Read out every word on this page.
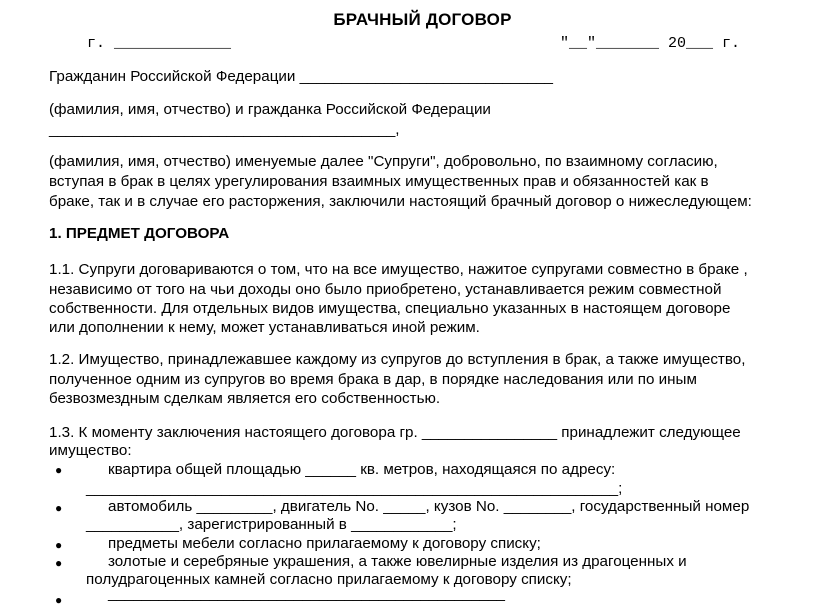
БРАЧНЫЙ ДОГОВОР
г. _____________	"__"_______ 20___ г.
Гражданин Российской Федерации ______________________________
(фамилия, имя, отчество) и гражданка Российской Федерации
_________________________________________,
(фамилия, имя, отчество) именуемые далее "Супруги", добровольно, по взаимному согласию,
вступая в брак в целях урегулирования взаимных имущественных прав и обязанностей как в
браке, так и в случае его расторжения, заключили настоящий брачный договор о нижеследующем:
1. ПРЕДМЕТ ДОГОВОРА
1.1. Супруги договариваются о том, что на все имущество, нажитое супругами совместно в браке ,
независимо от того на чьи доходы оно было приобретено, устанавливается режим совместной
собственности. Для отдельных видов имущества, специально указанных в настоящем договоре
или дополнении к нему, может устанавливаться иной режим.
1.2. Имущество, принадлежавшее каждому из супругов до вступления в брак, а также имущество,
полученное одним из супругов во время брака в дар, в порядке наследования или по иным
безвозмездным сделкам является его собственностью.
1.3. К моменту заключения настоящего договора гр. ________________ принадлежит следующее
имущество:
●	квартира общей площадью ______ кв. метров, находящаяся по адресу:
_______________________________________________________________;
●	автомобиль _________, двигатель No. _____, кузов No. ________, государственный номер
___________, зарегистрированный в ____________;
●	предметы мебели согласно прилагаемому к договору списку;
●	золотые и серебряные украшения, а также ювелирные изделия из драгоценных и
полудрагоценных камней согласно прилагаемому к договору списку;
●	_______________________________________________
